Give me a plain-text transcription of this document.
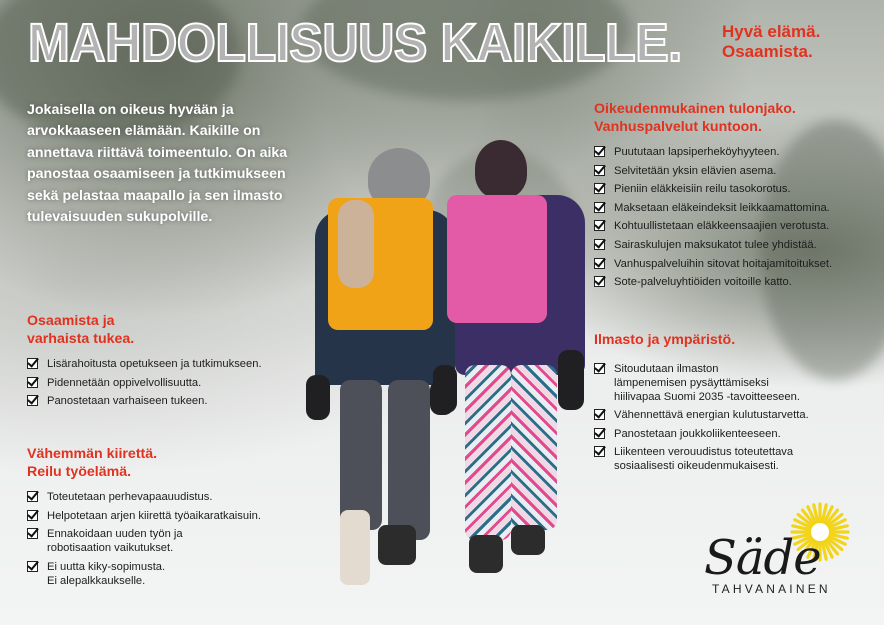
MAHDOLLISUUS KAIKILLE. Hyvä elämä.
Osaamista.
Jokaisella on oikeus hyvään ja arvokkaaseen elämään. Kaikille on annettava riittävä toimeentulo. On aika panostaa osaamiseen ja tutkimukseen sekä pelastaa maapallo ja sen ilmasto tulevaisuuden sukupolville.
Osaamista ja
varhaista tukea.
Lisärahoitusta opetukseen ja tutkimukseen.
Pidennetään oppivelvollisuutta.
Panostetaan varhaiseen tukeen.
Vähemmän kiirettä.
Reilu työelämä.
Toteutetaan perhevapaauudistus.
Helpotetaan arjen kiirettä työaikaratkaisuin.
Ennakoidaan uuden työn ja
robotisaation vaikutukset.
Ei uutta kiky-sopimusta.
Ei alepalkkaukselle.
Oikeudenmukainen tulonjako.
Vanhuspalvelut kuntoon.
Puututaan lapsiperheköyhyyteen.
Selvitetään yksin elävien asema.
Pieniin eläkkeisiin reilu tasokorotus.
Maksetaan eläkeindeksit leikkaamattomina.
Kohtuullistetaan eläkkeensaajien verotusta.
Sairaskulujen maksukatot tulee yhdistää.
Vanhuspalveluihin sitovat hoitajamitoitukset.
Sote-palveluyhtiöiden voitoille katto.
Ilmasto ja ympäristö.
Sitoudutaan ilmaston
lämpenemisen pysäyttämiseksi
hiilivapaa Suomi 2035 -tavoitteeseen.
Vähennettävä energian kulutustarvetta.
Panostetaan joukkoliikenteeseen.
Liikenteen verouudistus toteutettava
sosiaalisesti oikeudenmukaisesti.
Säde
TAHVANAINEN
